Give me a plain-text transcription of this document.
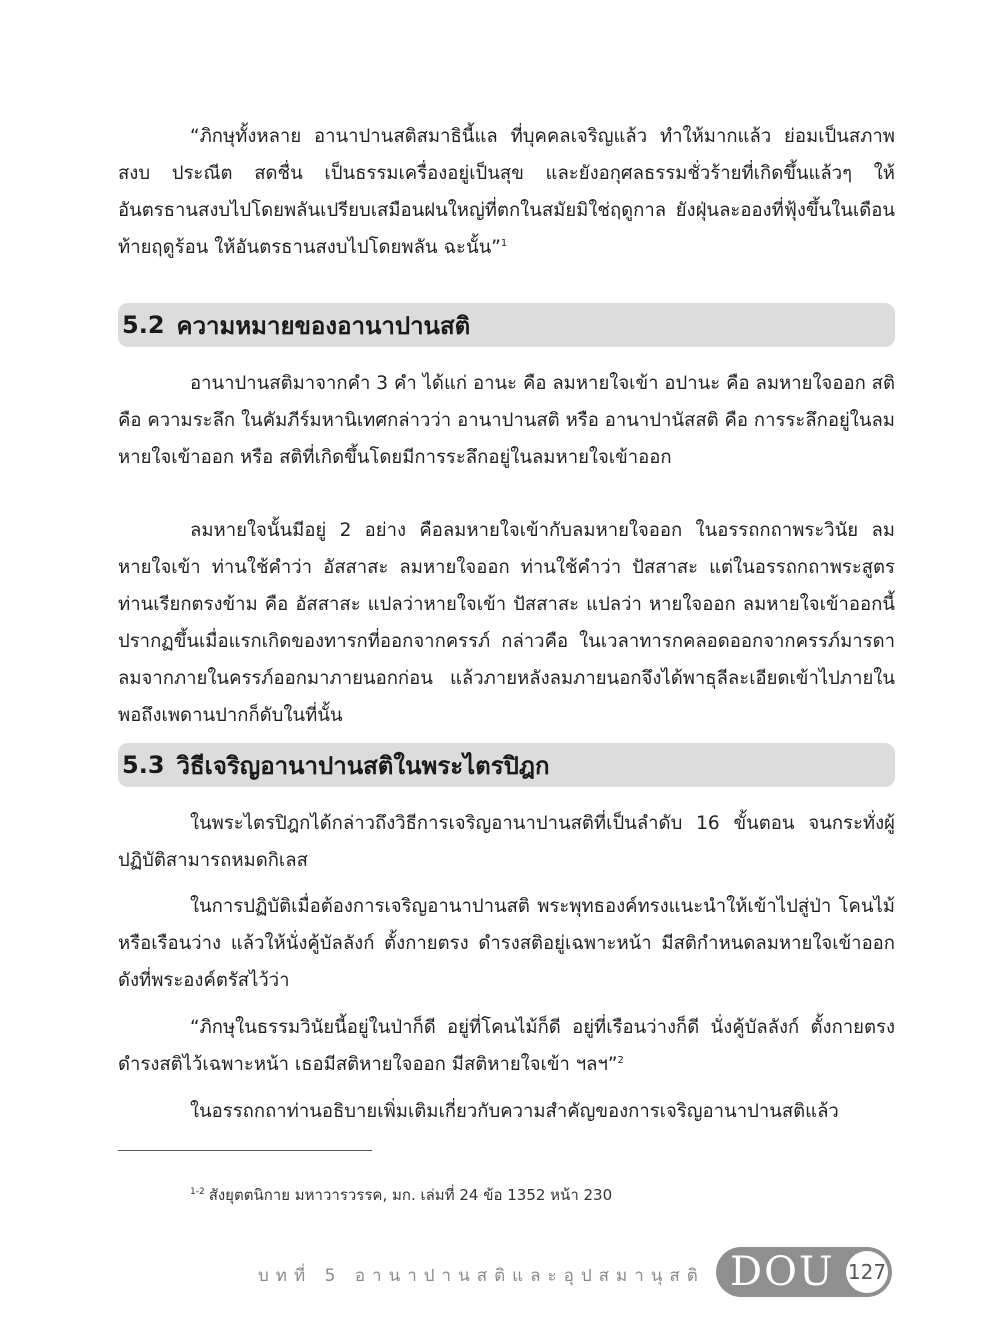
“ภิกษุทั้งหลาย อานาปานสติสมาธินี้แล ที่บุคคลเจริญแล้ว ทำให้มากแล้ว ย่อมเป็นสภาพสงบ ประณีต สดชื่น เป็นธรรมเครื่องอยู่เป็นสุข และยังอกุศลธรรมชั่วร้ายที่เกิดขึ้นแล้วๆ ให้อันตรธานสงบไปโดยพลันเปรียบเสมือนฝนใหญ่ที่ตกในสมัยมิใช่ฤดูกาล ยังฝุ่นละอองที่ฟุ้งขึ้นในเดือนท้ายฤดูร้อน ให้อันตรธานสงบไปโดยพลัน ฉะนั้น”$^1$

5.2 ความหมายของอานาปานสติ

อานาปานสติมาจากคำ 3 คำ ได้แก่ อานะ คือ ลมหายใจเข้า อปานะ คือ ลมหายใจออก สติ คือ ความระลึก ในคัมภีร์มหานิเทศกล่าวว่า อานาปานสติ หรือ อานาปานัสสติ คือ การระลึกอยู่ในลมหายใจเข้าออก หรือ สติที่เกิดขึ้นโดยมีการระลึกอยู่ในลมหายใจเข้าออก

ลมหายใจนั้นมีอยู่ 2 อย่าง คือลมหายใจเข้ากับลมหายใจออก ในอรรถกถาพระวินัย ลมหายใจเข้า ท่านใช้คำว่า อัสสาสะ ลมหายใจออก ท่านใช้คำว่า ปัสสาสะ แต่ในอรรถกถาพระสูตรท่านเรียกตรงข้าม คือ อัสสาสะ แปลว่าหายใจเข้า ปัสสาสะ แปลว่า หายใจออก ลมหายใจเข้าออกนี้ปรากฏขึ้นเมื่อแรกเกิดของทารกที่ออกจากครรภ์ กล่าวคือ ในเวลาทารกคลอดออกจากครรภ์มารดา ลมจากภายในครรภ์ออกมาภายนอกก่อน แล้วภายหลังลมภายนอกจึงได้พาธุลีละเอียดเข้าไปภายใน พอถึงเพดานปากก็ดับในที่นั้น

5.3 วิธีเจริญอานาปานสติในพระไตรปิฎก

ในพระไตรปิฎกได้กล่าวถึงวิธีการเจริญอานาปานสติที่เป็นลำดับ 16 ขั้นตอน จนกระทั่งผู้ปฏิบัติสามารถหมดกิเลส

ในการปฏิบัติเมื่อต้องการเจริญอานาปานสติ พระพุทธองค์ทรงแนะนำให้เข้าไปสู่ป่า โคนไม้ หรือเรือนว่าง แล้วให้นั่งคู้บัลลังก์ ตั้งกายตรง ดำรงสติอยู่เฉพาะหน้า มีสติกำหนดลมหายใจเข้าออก ดังที่พระองค์ตรัสไว้ว่า

“ภิกษุในธรรมวินัยนี้อยู่ในป่าก็ดี อยู่ที่โคนไม้ก็ดี อยู่ที่เรือนว่างก็ดี นั่งคู้บัลลังก์ ตั้งกายตรง ดำรงสติไว้เฉพาะหน้า เธอมีสติหายใจออก มีสติหายใจเข้า ฯลฯ”$^2$

ในอรรถกถาท่านอธิบายเพิ่มเติมเกี่ยวกับความสำคัญของการเจริญอานาปานสติแล้ว

$^{1-2}$ สังยุตตนิกาย มหาวารวรรค, มก. เล่มที่ 24 ข้อ 1352 หน้า 230
บทที่ 5 อานาปานสติและอุปสมานุสติ DOU 127
